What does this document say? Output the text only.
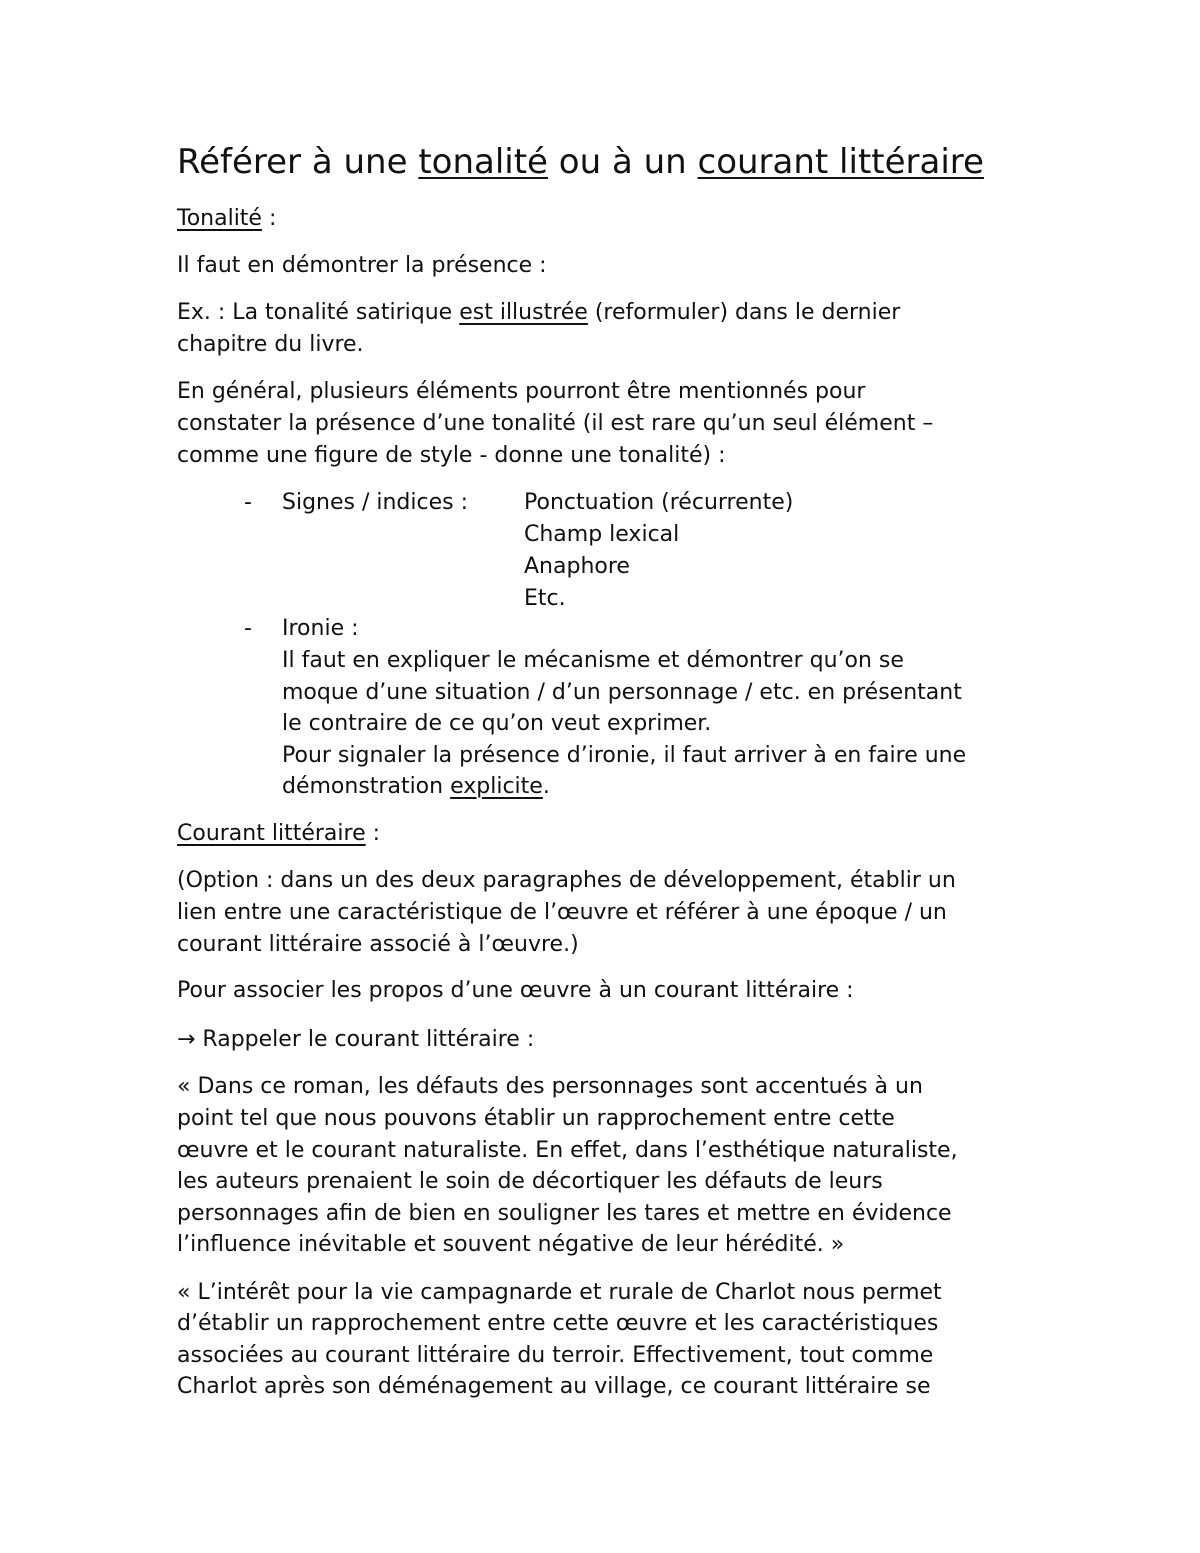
Référer à une tonalité ou à un courant littéraire

Tonalité :

Il faut en démontrer la présence :

Ex. : La tonalité satirique est illustrée (reformuler) dans le dernier

chapitre du livre.

En général, plusieurs éléments pourront être mentionnés pour

constater la présence d’une tonalité (il est rare qu’un seul élément –

comme une figure de style - donne une tonalité) :

- Signes / indices :	Ponctuation (récurrente)
Champ lexical
Anaphore
Etc.
- Ironie :
Il faut en expliquer le mécanisme et démontrer qu’on se
moque d’une situation / d’un personnage / etc. en présentant
le contraire de ce qu’on veut exprimer.
Pour signaler la présence d’ironie, il faut arriver à en faire une
démonstration explicite.

Courant littéraire :

(Option : dans un des deux paragraphes de développement, établir un

lien entre une caractéristique de l’œuvre et référer à une époque / un

courant littéraire associé à l’œuvre.)

Pour associer les propos d’une œuvre à un courant littéraire :

→ Rappeler le courant littéraire :

« Dans ce roman, les défauts des personnages sont accentués à un

point tel que nous pouvons établir un rapprochement entre cette

œuvre et le courant naturaliste. En effet, dans l’esthétique naturaliste,

les auteurs prenaient le soin de décortiquer les défauts de leurs

personnages afin de bien en souligner les tares et mettre en évidence

l’influence inévitable et souvent négative de leur hérédité. »

« L’intérêt pour la vie campagnarde et rurale de Charlot nous permet

d’établir un rapprochement entre cette œuvre et les caractéristiques

associées au courant littéraire du terroir. Effectivement, tout comme

Charlot après son déménagement au village, ce courant littéraire se
